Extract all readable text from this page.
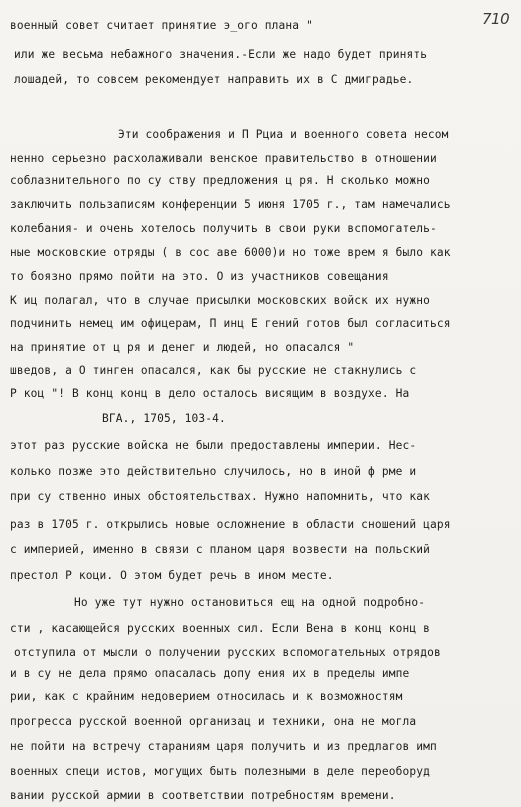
710
военный совет считает принятие э_ого плана "
или же весьма небажного значения.-Если же надо будет принять
лошадей, то совсем рекомендует направить их в С дмиградье.
Эти соображения и П Рциа и военного совета несом
ненно серьезно расхолаживали венское правительство в отношении
соблазнительного по су ству предложения ц ря. Н сколько можно
заключить пользаписям конференции 5 июня 1705 г., там намечались
колебания- и очень хотелось получить в свои руки вспомогатель-
ные московские отряды ( в сос аве 6000)и но тоже врем я было как
то боязно прямо пойти на это. О из участников совещания
К иц полагал, что в случае присылки московских войск их нужно
подчинить немец им офицерам, П инц Е гений готов был согласиться
на принятие от ц ря и денег и людей, но опасался "
шведов, а О тинген опасался, как бы русские не стакнулись с
Р коц "! В конц конц в дело осталось висящим в воздухе. На
ВГА., 1705, 103-4.
этот раз русские войска не были предоставлены империи. Нес-
колько позже это действительно случилось, но в иной ф рме и
при су ственно иных обстоятельствах. Нужно напомнить, что как
раз в 1705 г. открылись новые осложнение в области сношений царя
с империей, именно в связи с планом царя возвести на польский
престол Р коци. О этом будет речь в ином месте.
Но уже тут нужно остановиться ещ на одной подробно-
сти , касающейся русских военных сил. Если Вена в конц конц в
отступила от мысли о получении русских вспомогательных отрядов
и в су не дела прямо опасалась допу ения их в пределы импе
рии, как с крайним недоверием относилась и к возможностям
прогресса русской военной организац и техники, она не могла
не пойти на встречу стараниям царя получить и из предлагов имп
военных специ истов, могущих быть полезными в деле переоборуд
вании русской армии в соответствии потребностям времени.
